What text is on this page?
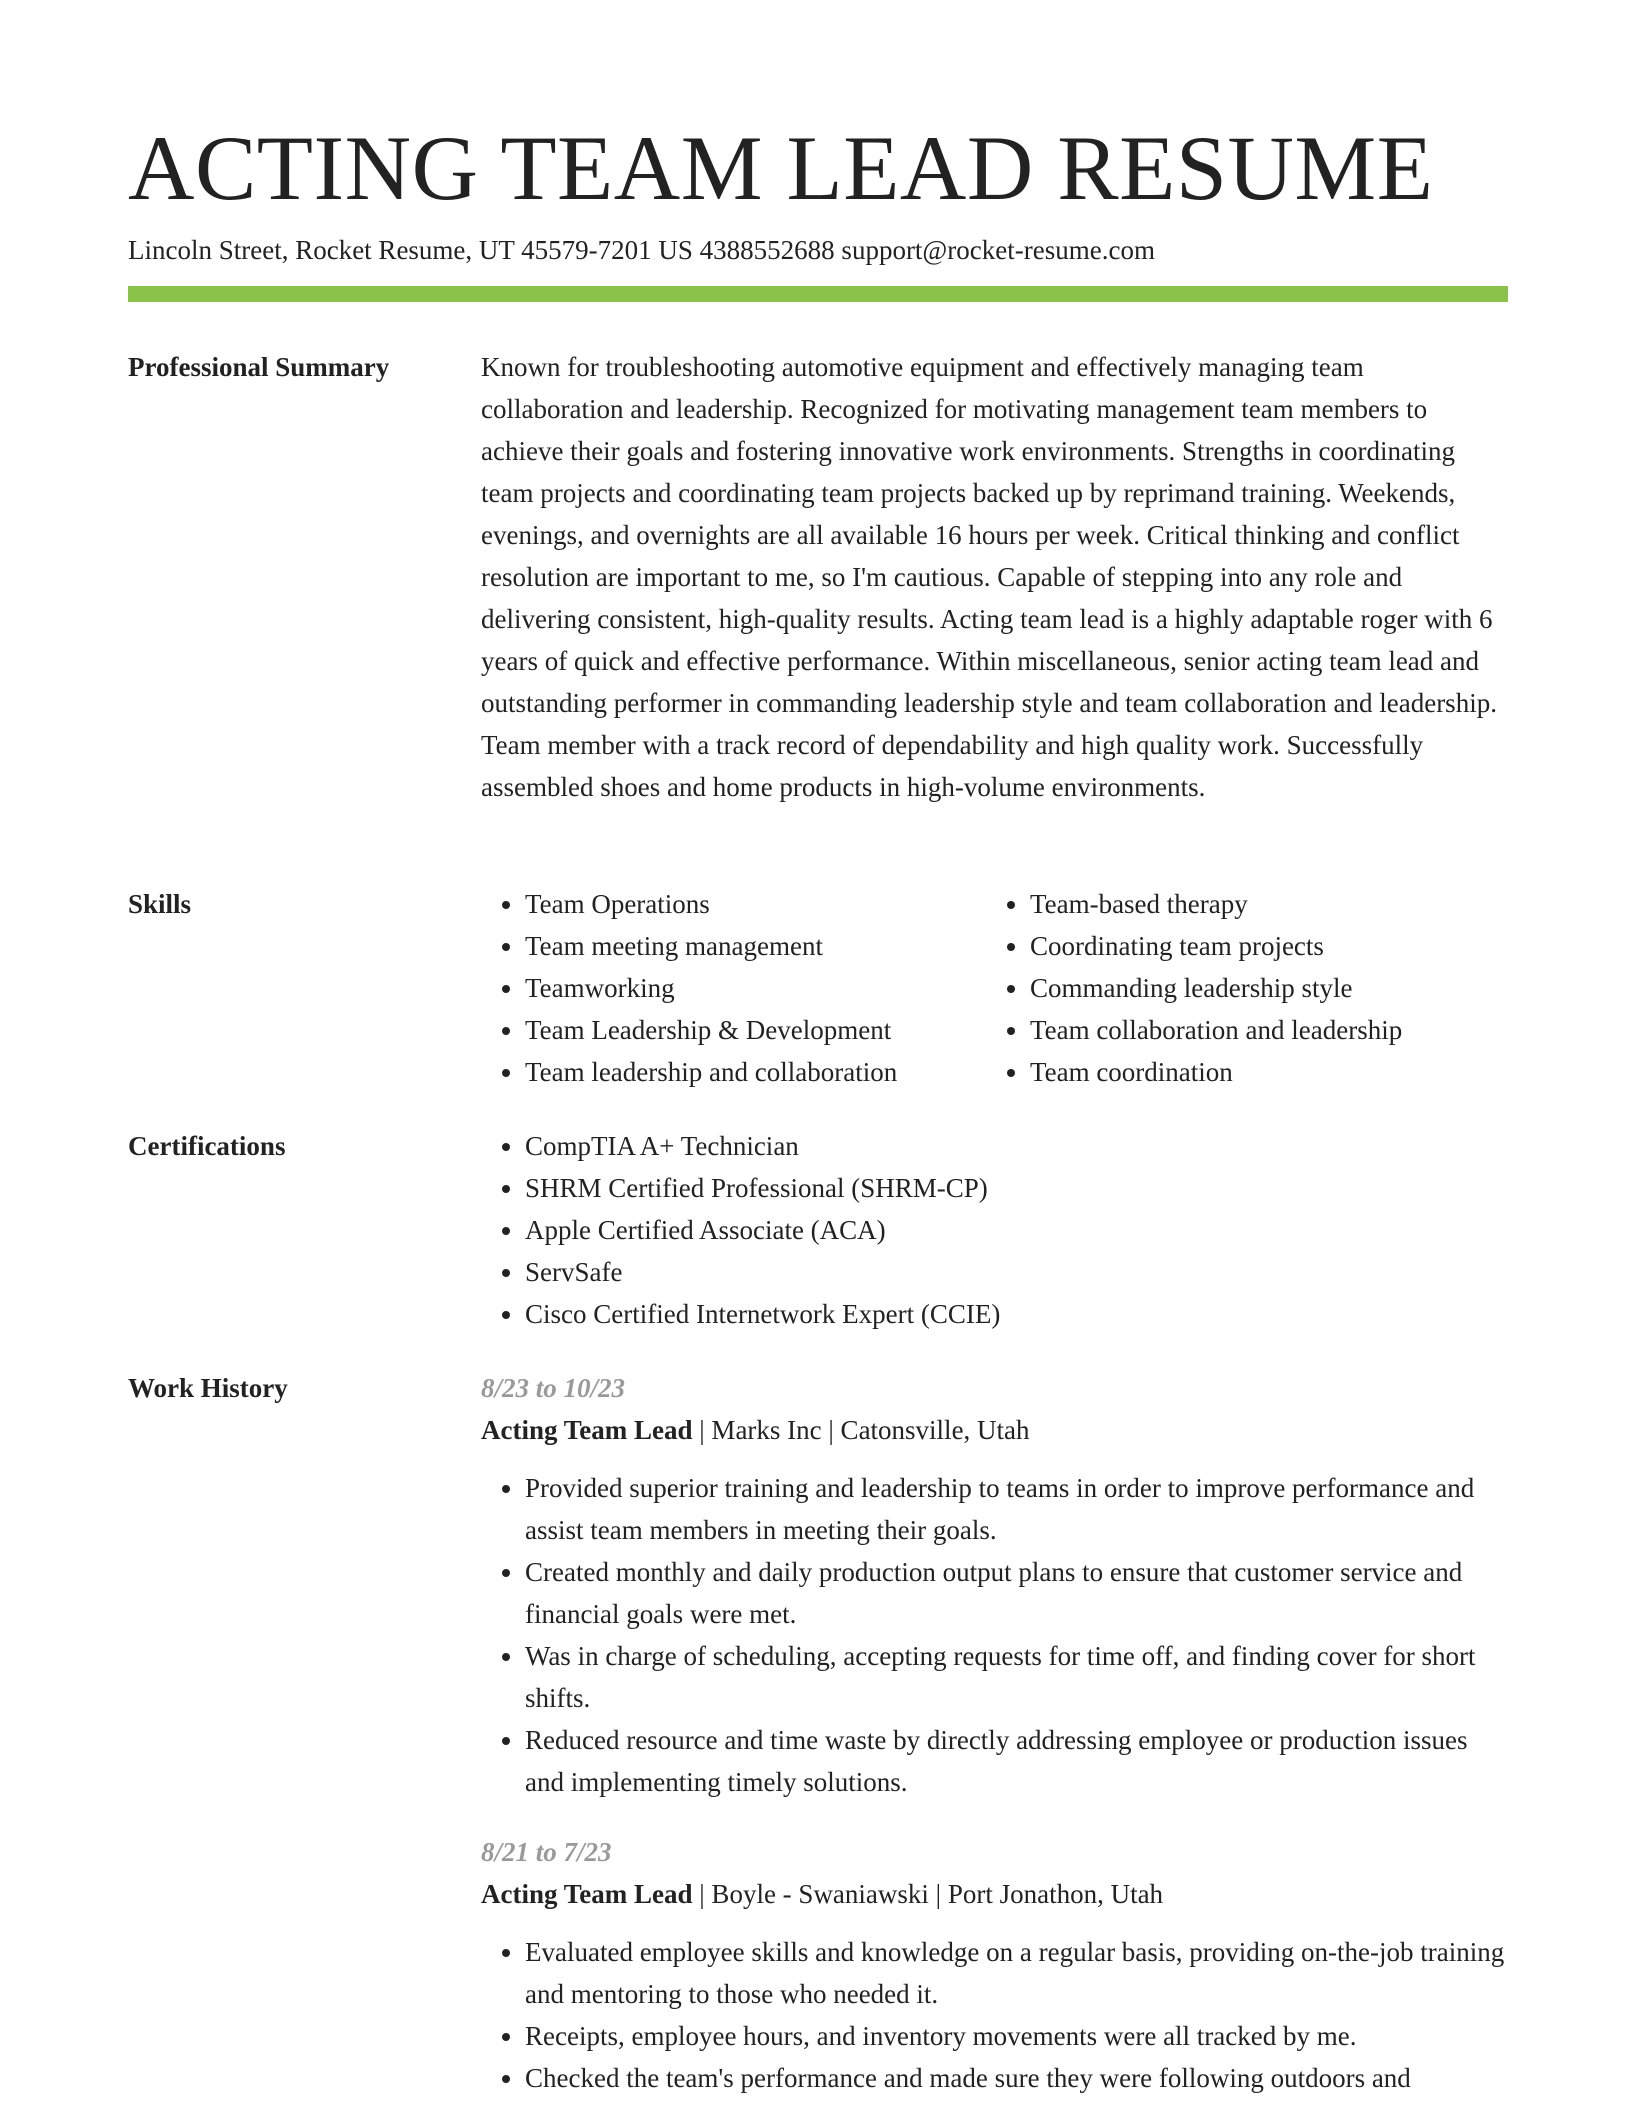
ACTING TEAM LEAD RESUME
Lincoln Street, Rocket Resume, UT 45579-7201 US 4388552688 support@rocket-resume.com
Professional Summary	Known for troubleshooting automotive equipment and effectively managing team collaboration and leadership. Recognized for motivating management team members to achieve their goals and fostering innovative work environments. Strengths in coordinating team projects and coordinating team projects backed up by reprimand training. Weekends, evenings, and overnights are all available 16 hours per week. Critical thinking and conflict resolution are important to me, so I'm cautious. Capable of stepping into any role and delivering consistent, high-quality results. Acting team lead is a highly adaptable roger with 6 years of quick and effective performance. Within miscellaneous, senior acting team lead and outstanding performer in commanding leadership style and team collaboration and leadership. Team member with a track record of dependability and high quality work. Successfully assembled shoes and home products in high-volume environments.

Skills	• Team Operations
• Team meeting management
• Teamworking
• Team Leadership & Development
• Team leadership and collaboration
• Team-based therapy
• Coordinating team projects
• Commanding leadership style
• Team collaboration and leadership
• Team coordination
Certifications	• CompTIA A+ Technician
• SHRM Certified Professional (SHRM-CP)
• Apple Certified Associate (ACA)
• ServSafe
• Cisco Certified Internetwork Expert (CCIE)
Work History	8/23 to 10/23
Acting Team Lead | Marks Inc | Catonsville, Utah
• Provided superior training and leadership to teams in order to improve performance and assist team members in meeting their goals.
• Created monthly and daily production output plans to ensure that customer service and financial goals were met.
• Was in charge of scheduling, accepting requests for time off, and finding cover for short shifts.
• Reduced resource and time waste by directly addressing employee or production issues and implementing timely solutions.
8/21 to 7/23
Acting Team Lead | Boyle - Swaniawski | Port Jonathon, Utah
• Evaluated employee skills and knowledge on a regular basis, providing on-the-job training and mentoring to those who needed it.
• Receipts, employee hours, and inventory movements were all tracked by me.
• Checked the team's performance and made sure they were following outdoors and
